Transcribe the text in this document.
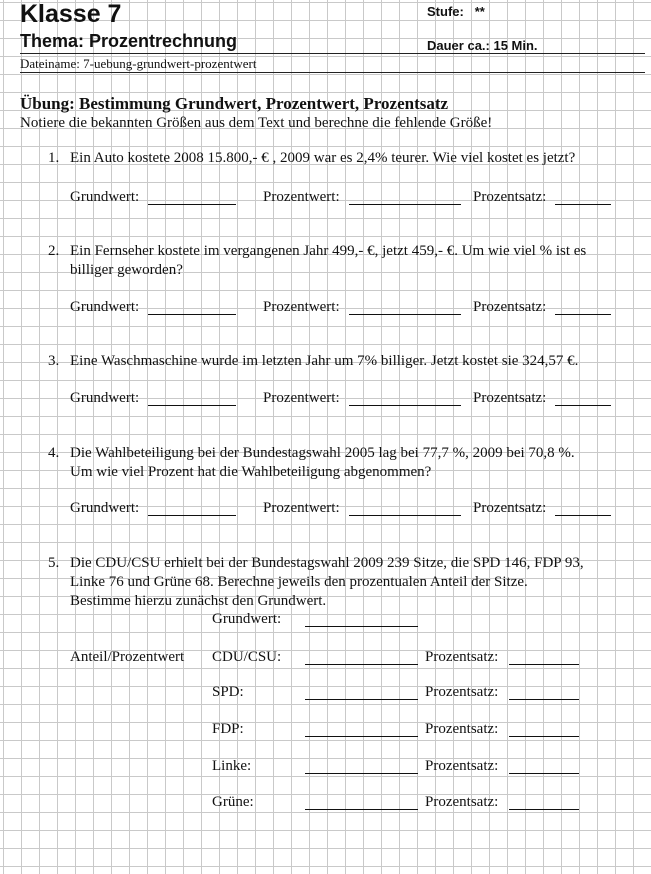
Klasse 7	Stufe: **
Thema: Prozentrechnung	Dauer ca.: 15 Min.
Dateiname: 7-uebung-grundwert-prozentwert
Übung: Bestimmung Grundwert, Prozentwert, Prozentsatz
Notiere die bekannten Größen aus dem Text und berechne die fehlende Größe!
1. Ein Auto kostete 2008 15.800,- € , 2009 war es 2,4% teurer. Wie viel kostet es jetzt?
Grundwert:	Prozentwert:	Prozentsatz:
2. Ein Fernseher kostete im vergangenen Jahr 499,- €, jetzt 459,- €. Um wie viel % ist es
billiger geworden?
Grundwert:	Prozentwert:	Prozentsatz:
3. Eine Waschmaschine wurde im letzten Jahr um 7% billiger. Jetzt kostet sie 324,57 €.
Grundwert:	Prozentwert:	Prozentsatz:
4. Die Wahlbeteiligung bei der Bundestagswahl 2005 lag bei 77,7 %, 2009 bei 70,8 %.
Um wie viel Prozent hat die Wahlbeteiligung abgenommen?
Grundwert:	Prozentwert:	Prozentsatz:
5. Die CDU/CSU erhielt bei der Bundestagswahl 2009 239 Sitze, die SPD 146, FDP 93,
Linke 76 und Grüne 68. Berechne jeweils den prozentualen Anteil der Sitze.
Bestimme hierzu zunächst den Grundwert.
Grundwert:
Anteil/Prozentwert CDU/CSU:	Prozentsatz:
SPD:	Prozentsatz:
FDP:	Prozentsatz:
Linke:	Prozentsatz:
Grüne:	Prozentsatz:
